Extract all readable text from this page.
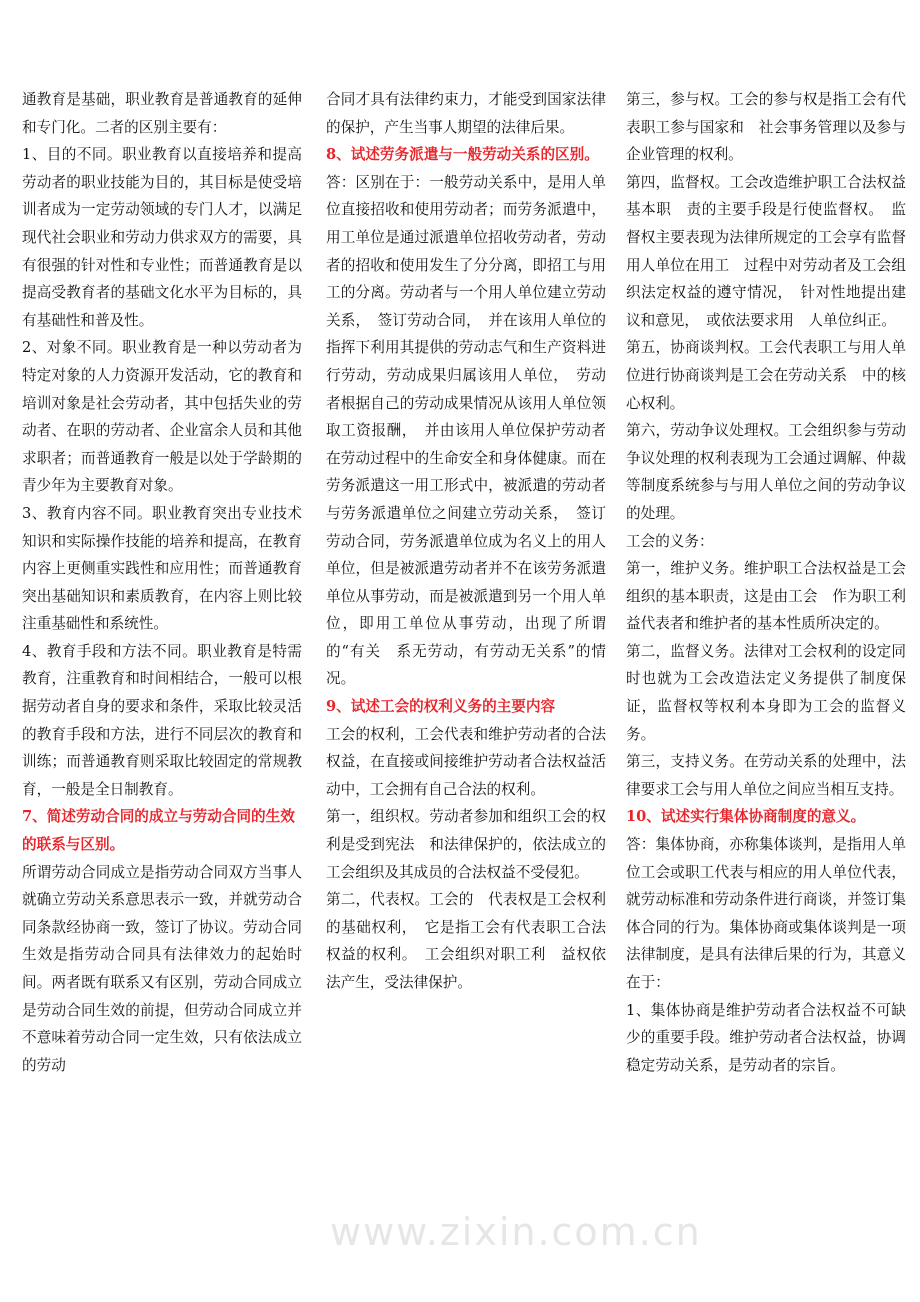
www.zixin.com.cn

通教育是基础，职业教育是普通教育的延伸和专门化。二者的区别主要有：

1、目的不同。职业教育以直接培养和提高劳动者的职业技能为目的，其目标是使受培训者成为一定劳动领域的专门人才，以满足现代社会职业和劳动力供求双方的需要，具有很强的针对性和专业性；而普通教育是以提高受教育者的基础文化水平为目标的，具有基础性和普及性。

2、对象不同。职业教育是一种以劳动者为特定对象的人力资源开发活动，它的教育和培训对象是社会劳动者，其中包括失业的劳动者、在职的劳动者、企业富余人员和其他求职者；而普通教育一般是以处于学龄期的青少年为主要教育对象。

3、教育内容不同。职业教育突出专业技术知识和实际操作技能的培养和提高，在教育内容上更侧重实践性和应用性；而普通教育突出基础知识和素质教育，在内容上则比较注重基础性和系统性。

4、教育手段和方法不同。职业教育是特需教育，注重教育和时间相结合，一般可以根据劳动者自身的要求和条件，采取比较灵活的教育手段和方法，进行不同层次的教育和训练；而普通教育则采取比较固定的常规教育，一般是全日制教育。

7、简述劳动合同的成立与劳动合同的生效的联系与区别。

所谓劳动合同成立是指劳动合同双方当事人就确立劳动关系意思表示一致，并就劳动合同条款经协商一致，签订了协议。劳动合同生效是指劳动合同具有法律效力的起始时间。两者既有联系又有区别，劳动合同成立是劳动合同生效的前提，但劳动合同成立并不意味着劳动合同一定生效，只有依法成立的劳动

合同才具有法律约束力，才能受到国家法律的保护，产生当事人期望的法律后果。

8、试述劳务派遣与一般劳动关系的区别。

答：区别在于：一般劳动关系中，是用人单位直接招收和使用劳动者；而劳务派遣中，用工单位是通过派遣单位招收劳动者，劳动者的招收和使用发生了分分离，即招工与用工的分离。劳动者与一个用人单位建立劳动关系，　签订劳动合同，　并在该用人单位的指挥下利用其提供的劳动志气和生产资料进行劳动，劳动成果归属该用人单位，　劳动者根据自己的劳动成果情况从该用人单位领取工资报酬，　并由该用人单位保护劳动者在劳动过程中的生命安全和身体健康。而在劳务派遣这一用工形式中，被派遣的劳动者与劳务派遣单位之间建立劳动关系，　签订劳动合同，劳务派遣单位成为名义上的用人单位，但是被派遣劳动者并不在该劳务派遣单位从事劳动，而是被派遣到另一个用人单位，即用工单位从事劳动，出现了所谓的“有关　系无劳动，有劳动无关系”的情况。

9、试述工会的权利义务的主要内容

工会的权利，工会代表和维护劳动者的合法权益，在直接或间接维护劳动者合法权益活　动中，工会拥有自己合法的权利。

第一，组织权。劳动者参加和组织工会的权利是受到宪法　和法律保护的，依法成立的工会组织及其成员的合法权益不受侵犯。

第二，代表权。工会的　代表权是工会权利的基础权利，　它是指工会有代表职工合法权益的权利。　工会组织对职工利　益权依法产生，受法律保护。

第三，参与权。工会的参与权是指工会有代表职工参与国家和　社会事务管理以及参与企业管理的权利。

第四，监督权。工会改造维护职工合法权益基本职　责的主要手段是行使监督权。　监督权主要表现为法律所规定的工会享有监督用人单位在用工　过程中对劳动者及工会组织法定权益的遵守情况，　针对性地提出建议和意见，　或依法要求用　人单位纠正。

第五，协商谈判权。工会代表职工与用人单位进行协商谈判是工会在劳动关系　中的核心权利。

第六，劳动争议处理权。工会组织参与劳动争议处理的权利表现为工会通过调解、仲裁等制度系统参与与用人单位之间的劳动争议的处理。

工会的义务：

第一，维护义务。维护职工合法权益是工会组织的基本职责，这是由工会　作为职工利益代表者和维护者的基本性质所决定的。

第二，监督义务。法律对工会权利的设定同时也就为工会改造法定义务提供了制度保证，监督权等权利本身即为工会的监督义务。

第三，支持义务。在劳动关系的处理中，法律要求工会与用人单位之间应当相互支持。

10、试述实行集体协商制度的意义。

答：集体协商，亦称集体谈判，是指用人单位工会或职工代表与相应的用人单位代表，就劳动标准和劳动条件进行商谈，并签订集体合同的行为。集体协商或集体谈判是一项法律制度，是具有法律后果的行为，其意义在于：

1、集体协商是维护劳动者合法权益不可缺少的重要手段。维护劳动者合法权益，协调稳定劳动关系，是劳动者的宗旨。
